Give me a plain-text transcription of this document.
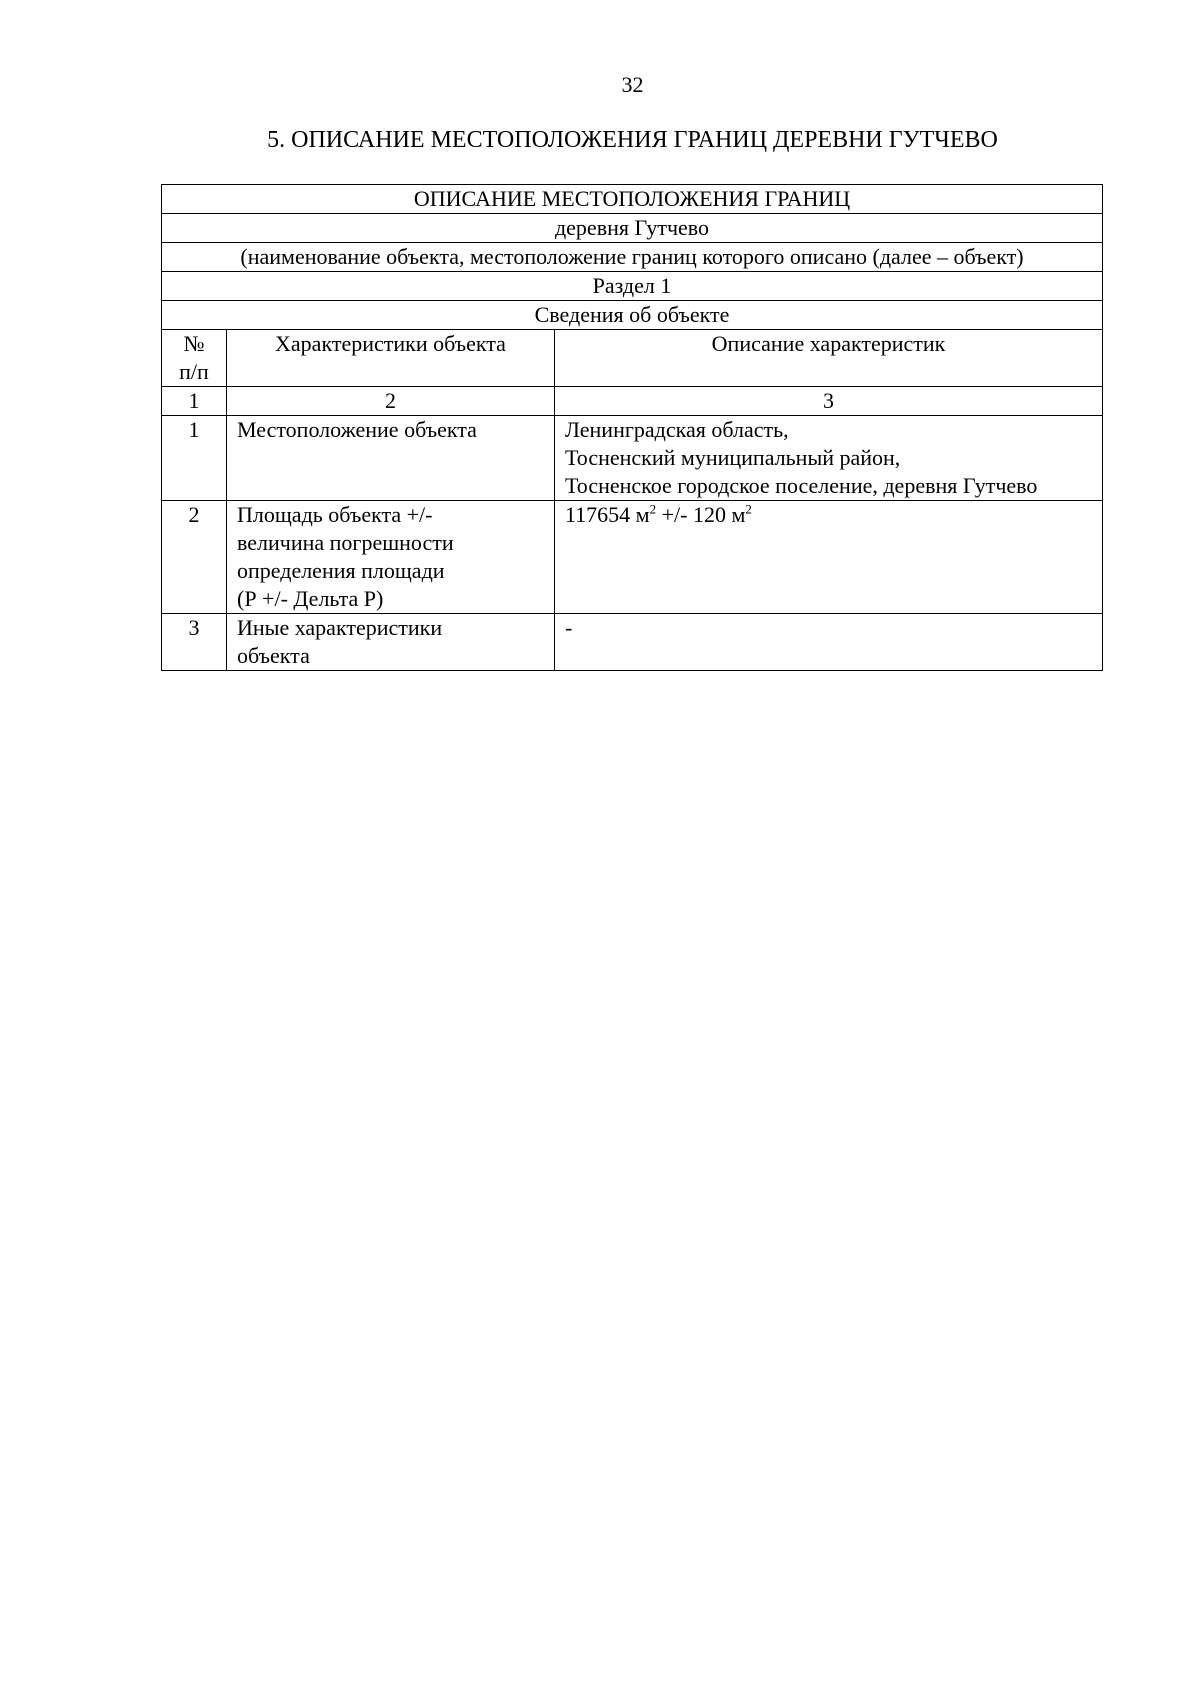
32
5. ОПИСАНИЕ МЕСТОПОЛОЖЕНИЯ ГРАНИЦ ДЕРЕВНИ ГУТЧЕВО
ОПИСАНИЕ МЕСТОПОЛОЖЕНИЯ ГРАНИЦ		
деревня Гутчево		
(наименование объекта, местоположение границ которого описано (далее – объект)		
Раздел 1		
Сведения об объекте		

№
п/п	Характеристики объекта	Описание характеристик
1	2	3
1	Местоположение объекта	Ленинградская область,
Тосненский муниципальный район,
Тосненское городское поселение, деревня Гутчево

2	Площадь объекта +/-
величина погрешности
определения площади
(Р +/- Дельта Р)	117654 $м^2$ +/- 120 $м^2$

3	Иные характеристики
объекта	-
